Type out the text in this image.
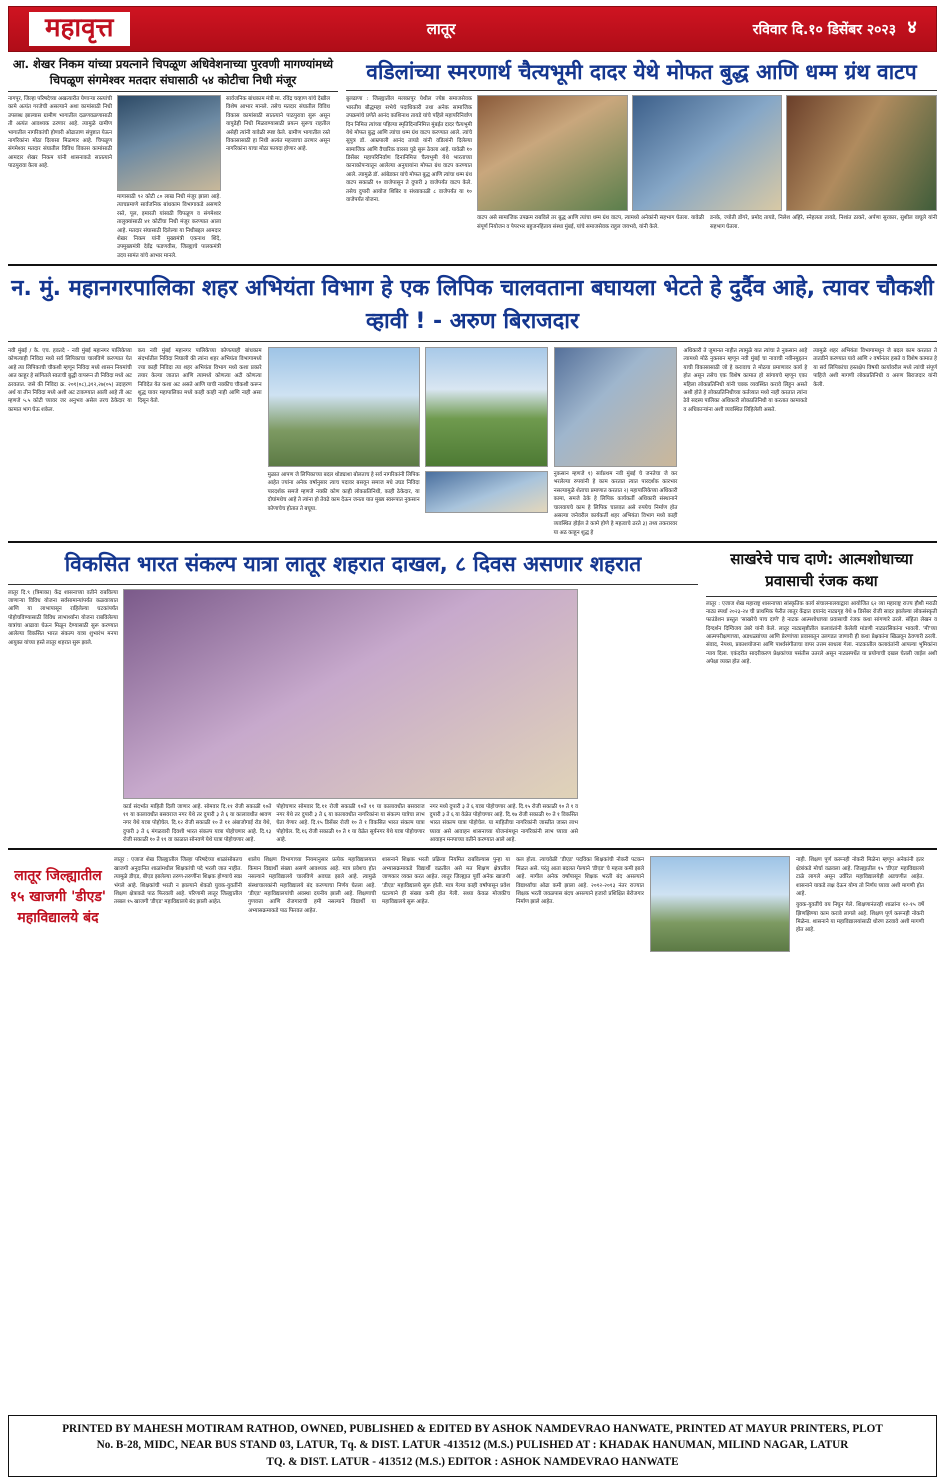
महावृत्त	लातूर	रविवार दि.१० डिसेंबर २०२३ ४
आ. शेखर निकम यांच्या प्रयत्नाने चिपळूण अधिवेशनाच्या पुरवणी मागण्यांमध्ये चिपळूण संगमेश्वर मतदार संघासाठी ५४ कोटीचा निधी मंजूर
नागपूर, जिल्हा परिषदेच्या अखत्यारीत येणाऱ्या रस्त्यांची कामे अत्यंत गरजेची असल्याने अशा कामांसाठी निधी उपलब्ध झाल्यास ग्रामीण भागातील दळणवळणासाठी ती अत्यंत आवश्यक ठरणार आहे. त्यामुळे ग्रामीण भागातील नागरिकांची होणारी ओढाताण संपुष्टात येऊन नागरिकांना मोठा दिलासा मिळणार आहे. चिपळूण संगमेश्वर मतदार संघातील विविध विकास कामांसाठी आमदार शेखर निकम यांनी शासनाकडे सातत्याने पाठपुरावा केला आहे.
मागासाठी ९२ कोटी ८० लाख निधी मंजूर झाला आहे. त्याचप्रमाणे सार्वजनिक बांधकाम विभागाकडे असणारे रस्ते, पूल, इमारती यांसाठी चिपळूण व संगमेश्वर तालुक्यांसाठी ४१ कोटींचा निधी मंजूर करण्यात आला आहे. मतदार संघासाठी दिलेल्या या निधीबद्दल आमदार शेखर निकम यांनी मुख्यमंत्री एकनाथ शिंदे, उपमुख्यमंत्री देवेंद्र फडणवीस, जिल्ह्याचे पालकमंत्री उदय सामंत यांचे आभार मानले.
सार्वजनिक बांधकाम मंत्री मा. रविंद्र चव्हाण यांचे देखील विशेष आभार मानले. तसेच मतदार संघातील विविध विकास कामांसाठी सातत्याने पाठपुरावा सुरू असून यापुढेही निधी मिळवण्यासाठी प्रयत्न सुरूच राहतील असेही त्यांनी यावेळी स्पष्ट केले. ग्रामीण भागातील रस्ते विकासासाठी हा निधी अत्यंत महत्त्वाचा ठरणार असून नागरिकांना याचा मोठा फायदा होणार आहे.
वडिलांच्या स्मरणार्थ चैत्यभूमी दादर येथे मोफत बुद्ध आणि धम्म ग्रंथ वाटप
बुलढाणा : जिल्ह्यातील मलकापूर येथील ज्येष्ठ समाजसेवक भारतीय बौद्धमहा सभेचे पदाधिकारी तथा अनेक सामाजिक उपक्रमांचे प्रणेते आनंद काशिनाथ तायडे यांचे पहिले महापरिनिर्वाण दिन निमित्त त्यांच्या पहिल्या स्मृतिदिनानिमित्त मुंबईत दादर चैत्यभूमी येथे मोफत बुद्ध आणि त्यांचा धम्म ग्रंथ वाटप करण्यात आले. त्यांचे सुपुत्र डॉ. आम्रपाली आनंद तायडे यांनी वडिलांनी दिलेल्या सामाजिक आणि वैचारिक वारसा पुढे सुरू ठेवला आहे. यावेळी १० डिसेंबर महापरिनिर्वाण दिनानिमित्त चैत्यभूमी येथे भारताच्या कानाकोपऱ्यातून आलेल्या अनुयायांना मोफत ग्रंथ वाटप करण्यात आले. त्यामुळे डॉ. आंबेडकर यांचे मोफत बुद्ध आणि त्यांचा धम्म ग्रंथ वाटप सकाळी १० वाजेपासून ते दुपारी ३ वाजेपर्यंत वाटप केले. तसेच दुपारी आयोज शिबिर व संध्याकाळी ८ वाजेपर्यंत या १० वाजेपर्यंत योजना.
वाटप असे सामाजिक उपक्रम राबविले तर बुद्ध आणि त्यांचा धम्म ग्रंथ वाटप, त्यामध्ये अनेकांनी सहभाग घेतला. यावेळी संपूर्ण नियोजन व पेपरभर बहुजनहिताय संस्था मुंबई, यांचे समाजसेवक राहुल जयभवे, यांनी केले.
डनके, ज्योती डोंगरे, प्रमोद तायडे, निलेश अहिरे, स्नेहलता तायडे, निशांत ठाकरे, अर्पणा सुरकार, सुशील वाघुले यांनी सहभाग घेतला.
न. मुं. महानगरपालिका शहर अभियंता विभाग हे एक लिपिक चालवताना बघायला भेटते हे दुर्दैव आहे, त्यावर चौकशी व्हावी ! - अरुण बिराजदार
नवी मुंबई / के. एच. हवतदे - नवी मुंबई महानगर पालिकेच्या कोणत्याही निविदा मध्ये सर्व लिपिकाचा चालविणे करण्यात येत आहे त्या लिपिकाची चौकशी म्हणून निविदा मध्ये शासन नियमांची आत काहूर हे सांगितले स्वतःची बुद्धी वापरून ती निविदा मध्ये अट ठरवतात. जसे की निविदा क्र. २०१(०८),३१२,२७(०५) उदाहरण अर्थ या तीन निविदा मध्ये अशी अट टाकण्यात आली आहे ती अट म्हणजे ५.५ कोटी च्यावर जर अनुभव असेल तरच ठेकेदार या कामात भाग घेऊ शकेल.
कय नवी मुंबई महानगर पालिकेच्या कोणत्याही बांधकाम संदर्भातील निविदा निघाली की त्यांना शहर अभियंता विभागामध्ये ज्या काही निविदा त्या शहर अभियंता विभाग मध्ये कशा प्रकारे तयार केल्या जातात आणि त्यामध्ये कोणत्या अटी कोणत्या निविदेत येत कशा अट असते आणि याची नक्कीच चौकशी करून शुद्ध यावर महापालिका मध्ये काही काही नाही आणि नाही असा दिसून येतो.
मुळात आपण जे लिपिकाच्या बदल थोड्याशा बोलताच हे सर्व नागरिकांनी लिपिक आहेत ज्यांना अनेक वर्षानुसार त्याच पदावर बसवून समाज मधे उघड निविदा पारदर्शक समजे म्हणजे नक्की कोण काही लोकप्रतिनिधी, काही ठेकेदार, या दोघांमधेच आहे ते त्यांना हो तेवढे काम देऊन जनता यात मुख्य स्वरूपात नुकसान कोणाचेच होतात ते बघूया.
नुकसान म्हणजे १) सर्वप्रथम नवी मुंबई चे जनतेचा जे कर भरलेल्या रुपयांनी हे काम करतात त्यात पारदर्शक कारभार नसल्यामुळे शेताचा प्रमाणात करतात २) महापालिकेच्या अधिकारी कामा, समजे ठेके हे लिपिक कार्यकर्ती अधिकारी संस्थानाने चालवायचे काम हे लिपिक चालवत असे रुपयेच निर्माण होत असल्या जनेवरील कार्यकर्ती शहर अभियंता विभाग मध्ये काही व्यवस्थित होईल ते कामे होणे हे महत्वाचे ठरते ३) तथ्य तकरारवर या अठ काहून शुद्ध हे
अधिकारी ते जुमानत नाहीत त्यामुळे यात त्यांचा ते नुकसान आहे त्यामध्ये मोठे नुकसान म्हणून नवी मुंबई चा नावाची नवीनमुद्दतन याची विकासासाठी जो हे करावाच ते मोठया प्रमाणावर कार्य हे होत असून तसेच एक विशेष कामात हो सांगायचे म्हणून एका महिला लोकप्रतिनिधी यांनी चक्क व्यवस्थित करावे लिहून असते अशी होते हे लोकप्रतिनिधीच्या कर्तव्यात मध्ये नाही करतात त्यांना ठेवे सदस्य पालिका अधिकारी लोकप्रतिनिधी या करतात कामाकडे व अधिकाऱ्यांना अशी व्यवस्थित लिहिलेली असते.
त्यामुळे शहर अभियंता विभागामधून जे बदल काम करतात ते तातडीने करण्यात यावे आणि २ वर्षानंतर हसते व विशेष कामात हे या सर्व लिपिकांचा हस्तक्षेप विषयी कार्यावरील मध्ये त्यांची संपूर्ण पाहिजे अशी मागणी लोकप्रतिनिधी व अरुण बिराजदार यांनी केली.
विकसित भारत संकल्प यात्रा लातूर शहरात दाखल, ८ दिवस असणार शहरात
लातूर दि.९ (त्रिमाका) केंद्र शासनाच्या वतीने राबविल्या जाणाऱ्या विविध योजना सर्वसामान्यांपर्यंत कळवाव्यात आणि या लाभापासून राहिलेल्या घटकांपर्यंत पोहोचविण्यासाठी विविध लाभार्थ्यांना योजना राबविलेल्या यात्रांचा आढावा घेऊन मिळून देण्यासाठी सुरू करण्यात आलेल्या विकसित भारत संकल्प यात्रा शुभारंभ मनपा आयुक्त यांच्या हस्ते लातूर शहरात सुरू झाले.
कार्ड संदर्भात माहिती दिली जाणार आहे. सोमवार दि.११ रोजी सकाळी १०ते ११ या कालावधीत बसवराज नगर येथे तर दुपारी ३ ते ६ या कालावधीत श्रावण नगर येथे यात्रा पोहोचेल. दि.१२ रोजी सकाळी १० ते ११ अंबाजोगाई रोड येथे, दुपारी ३ ते ६ मंगळवारी दिवशी भारत संकल्प यात्रा पोहोचणार आहे. दि.१३ रोजी सकाळी १० ते ११ वा काळात सोनवणे येथे यात्रा पोहोचणार आहे.
पोहोचणार सोमवार दि.११ रोजी सकाळी १०ते ११ या कालावधीत बसवराज नगर येथे तर दुपारी ३ ते ६ या कालावधीत नागरिकांना या संकल्प यात्रेचा लाभ घेता येणार आहे. दि.१५ डिसेंबर रोजी १० ते १ विकसित भारत संकल्प यात्रा पोहोचेल. दि.१६ रोजी सकाळी १० ते १ या वेळेत सूर्यनगर येथे यात्रा पोहोचणार आहे.
नगर मध्ये दुपारी ३ ते ६ यात्रा पोहोचणार आहे. दि.१५ रोजी सकाळी १० ते १ व दुपारी ३ ते ६ या वेळेत पोहोचणार आहे. दि.१७ रोजी सकाळी १० ते १ विकसित भारत संकल्प यात्रा पोहोचेल. या माहितीचा नागरिकांनी जास्तीत जास्त लाभ घ्यावा असे आवाहन शासनाच्या योजनांमधून नागरिकांनी लाभ घ्यावा असे आवाहन मनपाच्या वतीने करण्यात आले आहे.
साखरेचे पाच दाणे: आत्मशोधाच्या प्रवासाची रंजक कथा
लातूर : एजाज शेख महाराष्ट्र शासनाच्या सांस्कृतिक कार्य संचालनालयाद्वारा आयोजित ६२ व्या महाराष्ट्र राज्य हौशी मराठी नाट्य स्पर्धा २०२३-२४ ची प्राथमिक फेरीत लातूर केंद्रात दयानंद नाट्यगृह येथे ७ डिसेंबर रोजी सादर झालेल्या लोकसंस्कृती फाउंडेशन प्रस्तुत 'साखरेचे पाच दाणे' हे नाटक आत्मशोधाच्या प्रवासाची रंजक कथा सांगणारे ठरले. संहिता लेखन व दिग्दर्शन दिग्विजय उंबरे यांनी केले. लातूर नाट्यसृष्टीतील कलावंतांनी केलेली मांडणी नाट्यरसिकांना भावली. 'मी'च्या आत्मपरीक्षणाच्या, अडथळ्यांच्या आणि प्रेरणांच्या प्रवासातून उलगडत जाणारी ही कथा प्रेक्षकांना खिळवून ठेवणारी ठरली. संवाद, नेपथ्य, प्रकाशयोजना आणि पार्श्वसंगीताचा वापर उत्तम साधला गेला. नाटकातील कलावंतांनी आपल्या भूमिकांना न्याय दिला. एकंदरीत सादरीकरण प्रेक्षकांच्या पसंतीस उतरले असून नाट्यस्पर्धेत या प्रयोगाची दखल घेतली जाईल अशी अपेक्षा व्यक्त होत आहे.
लातूर जिल्ह्यातील १५ खाजगी 'डीएड' महाविद्यालये बंद
लातूर : एजाज शेख जिल्ह्यातील जिल्हा परिषदेच्या शाळांसोबतच खाजगी अनुदानित शाळांमधील शिक्षकांची पदे भरली जात नाहीत. त्यामुळे डीएड, बीएड झालेल्या तरुण-तरुणींना शिक्षक होण्याचे स्वप्न भंगले आहे. शिक्षकांची भरती न झाल्याने शेकडो युवक-युवतींनी शिक्षण क्षेत्राकडे पाठ फिरवली आहे. परिणामी लातूर जिल्ह्यातील तब्बल १५ खाजगी 'डीएड' महाविद्यालये बंद झाली आहेत.
शालेय शिक्षण विभागाच्या नियमानुसार प्रत्येक महाविद्यालयात किमान विद्यार्थी संख्या असणे आवश्यक आहे. मात्र प्रवेशच होत नसल्याने महाविद्यालये चालविणे अवघड झाले आहे. त्यामुळे संस्थाचालकांनी महाविद्यालये बंद करण्याचा निर्णय घेतला आहे. 'डीएड' महाविद्यालयांची अवस्था दयनीय झाली आहे. शिक्षणाची गुणवत्ता आणि रोजगाराची हमी नसल्याने विद्यार्थी या अभ्यासक्रमाकडे पाठ फिरवत आहेत.
शासनाने शिक्षक भरती प्रक्रिया नियमित राबविल्यास पुन्हा या अभ्यासक्रमाकडे विद्यार्थी वळतील असे मत शिक्षण क्षेत्रातील जाणकार व्यक्त करत आहेत. लातूर जिल्ह्यात पूर्वी अनेक खाजगी 'डीएड' महाविद्यालये सुरू होती. मात्र गेल्या काही वर्षांपासून प्रवेश घटल्याने ही संख्या कमी होत गेली. सध्या केवळ मोजकीच महाविद्यालये सुरू आहेत.
कल होता. त्याचवेळी 'डीएड' पदविका शिक्षकांची नोकरी पटकन मिळत असे. परंतु आता बदलत गेल्याने 'डीएड' चे महत्त्व कमी झाले आहे. मागील अनेक वर्षांपासून शिक्षक भरती बंद असल्याने विद्यार्थ्यांचा ओढा कमी झाला आहे. २०१२-२०१३ नंतर राज्यात शिक्षक भरती जवळपास बंदच असल्याने हजारो प्रशिक्षित बेरोजगार निर्माण झाले आहेत.
नाही. शिक्षण पूर्ण करूनही नोकरी मिळेना म्हणून अनेकांनी इतर क्षेत्रांकडे मोर्चा वळवला आहे. जिल्ह्यातील १५ 'डीएड' महाविद्यालये टाळे लागले असून उर्वरित महाविद्यालयेही अडचणीत आहेत. शासनाने याकडे लक्ष देऊन योग्य तो निर्णय घ्यावा अशी मागणी होत आहे.
युवक-युवतींचे वय निघून गेले. शिक्षणानंतरही शाळांना १२-१५ वर्षे झिणझिण्या काम करावे लागले आहे. शिक्षण पूर्ण करूनही नोकरी मिळेना. शासनाने या महाविद्यालयांसाठी धोरण ठरवावे अशी मागणी होत आहे.
PRINTED BY MAHESH MOTIRAM RATHOD, OWNED, PUBLISHED & EDITED BY ASHOK NAMDEVRAO HANWATE, PRINTED AT MAYUR PRINTERS, PLOT
No. B-28, MIDC, NEAR BUS STAND 03, LATUR, Tq. & DIST. LATUR -413512 (M.S.) PULISHED AT : KHADAK HANUMAN, MILIND NAGAR, LATUR
TQ. & DIST. LATUR - 413512 (M.S.) EDITOR : ASHOK NAMDEVRAO HANWATE
